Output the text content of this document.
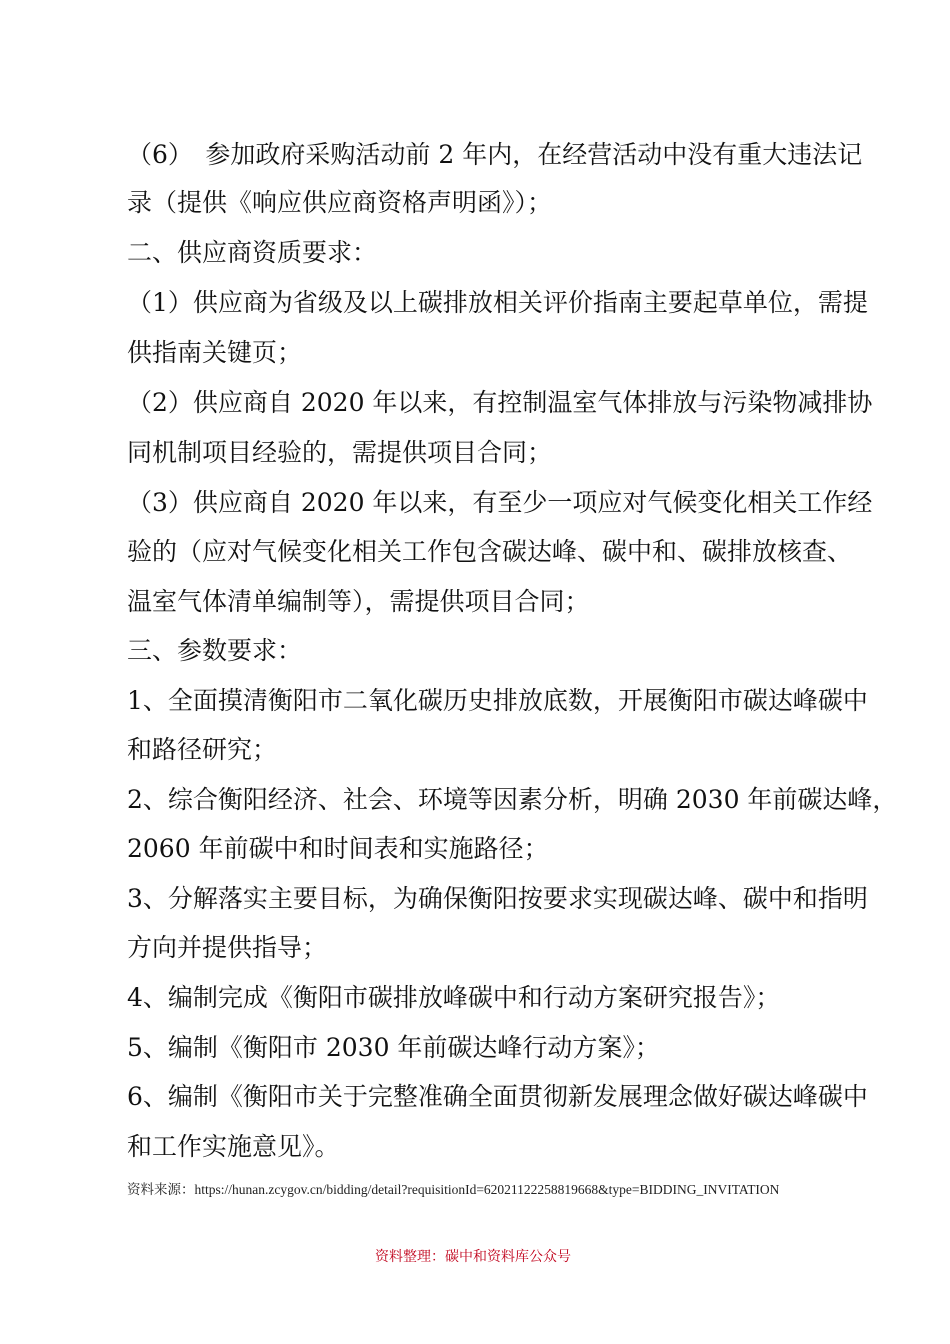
（6）　参加政府采购活动前 2 年内，在经营活动中没有重大违法记
录（提供《响应供应商资格声明函》）；
二、供应商资质要求：
（1）供应商为省级及以上碳排放相关评价指南主要起草单位，需提
供指南关键页；
（2）供应商自 2020 年以来，有控制温室气体排放与污染物减排协
同机制项目经验的，需提供项目合同；
（3）供应商自 2020 年以来，有至少一项应对气候变化相关工作经
验的（应对气候变化相关工作包含碳达峰、碳中和、碳排放核查、
温室气体清单编制等），需提供项目合同；
三、参数要求：
1、全面摸清衡阳市二氧化碳历史排放底数，开展衡阳市碳达峰碳中
和路径研究；
2、综合衡阳经济、社会、环境等因素分析，明确 2030 年前碳达峰，
2060 年前碳中和时间表和实施路径；
3、分解落实主要目标，为确保衡阳按要求实现碳达峰、碳中和指明
方向并提供指导；
4、编制完成《衡阳市碳排放峰碳中和行动方案研究报告》；
5、编制《衡阳市 2030 年前碳达峰行动方案》；
6、编制《衡阳市关于完整准确全面贯彻新发展理念做好碳达峰碳中
和工作实施意见》。
资料来源：https://hunan.zcygov.cn/bidding/detail?requisitionId=6202112225881966​8&type=BIDDING_INVITATION
资料整理：碳中和资料库公众号
